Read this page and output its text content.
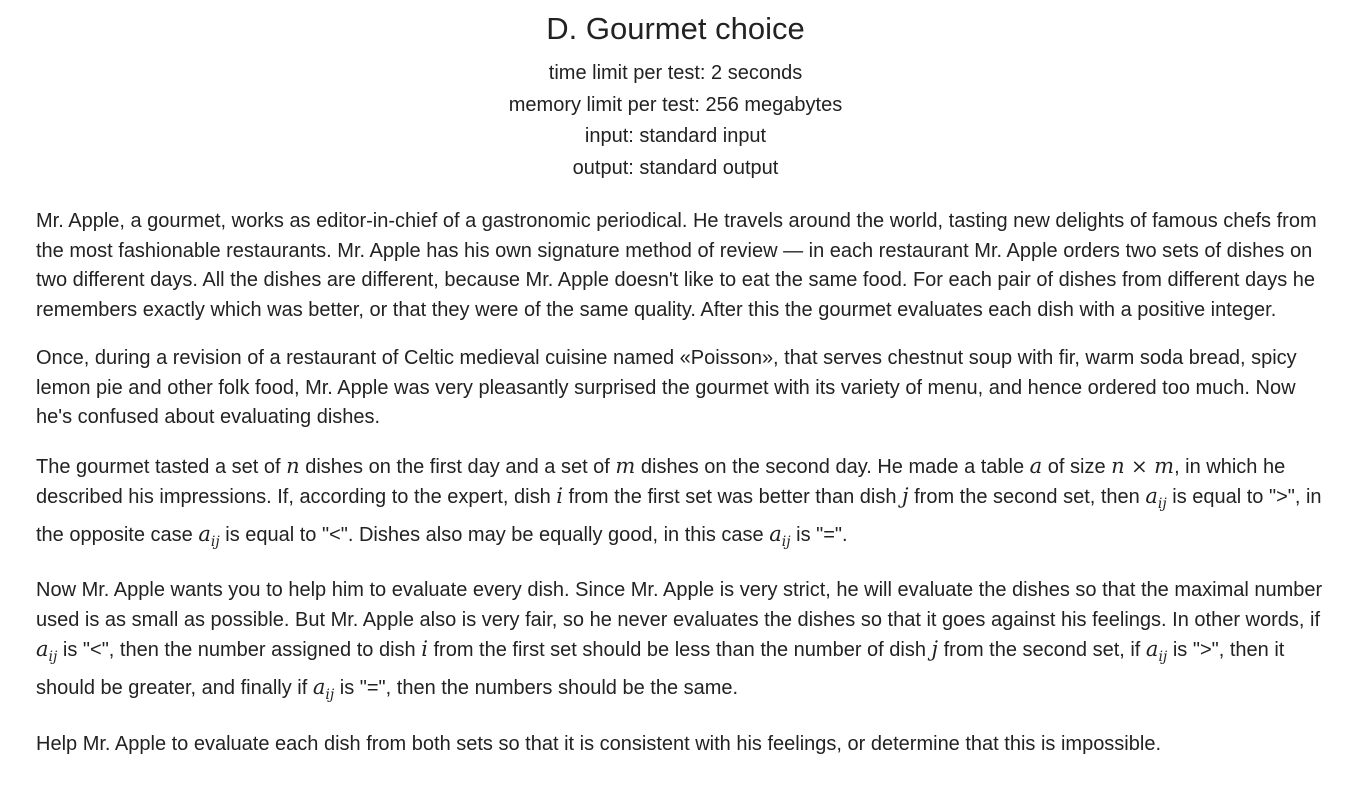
D. Gourmet choice
time limit per test: 2 seconds
memory limit per test: 256 megabytes
input: standard input
output: standard output

Mr. Apple, a gourmet, works as editor-in-chief of a gastronomic periodical. He travels around the world, tasting new delights of famous chefs from the most fashionable restaurants. Mr. Apple has his own signature method of review — in each restaurant Mr. Apple orders two sets of dishes on two different days. All the dishes are different, because Mr. Apple doesn't like to eat the same food. For each pair of dishes from different days he remembers exactly which was better, or that they were of the same quality. After this the gourmet evaluates each dish with a positive integer.

Once, during a revision of a restaurant of Celtic medieval cuisine named «Poisson», that serves chestnut soup with fir, warm soda bread, spicy lemon pie and other folk food, Mr. Apple was very pleasantly surprised the gourmet with its variety of menu, and hence ordered too much. Now he's confused about evaluating dishes.

The gourmet tasted a set of n dishes on the first day and a set of m dishes on the second day. He made a table a of size n × m, in which he described his impressions. If, according to the expert, dish i from the first set was better than dish j from the second set, then $a_{ij}$ is equal to ">", in the opposite case $a_{ij}$ is equal to "<". Dishes also may be equally good, in this case $a_{ij}$ is "=".

Now Mr. Apple wants you to help him to evaluate every dish. Since Mr. Apple is very strict, he will evaluate the dishes so that the maximal number used is as small as possible. But Mr. Apple also is very fair, so he never evaluates the dishes so that it goes against his feelings. In other words, if $a_{ij}$ is "<", then the number assigned to dish i from the first set should be less than the number of dish j from the second set, if $a_{ij}$ is ">", then it should be greater, and finally if $a_{ij}$ is "=", then the numbers should be the same.

Help Mr. Apple to evaluate each dish from both sets so that it is consistent with his feelings, or determine that this is impossible.
